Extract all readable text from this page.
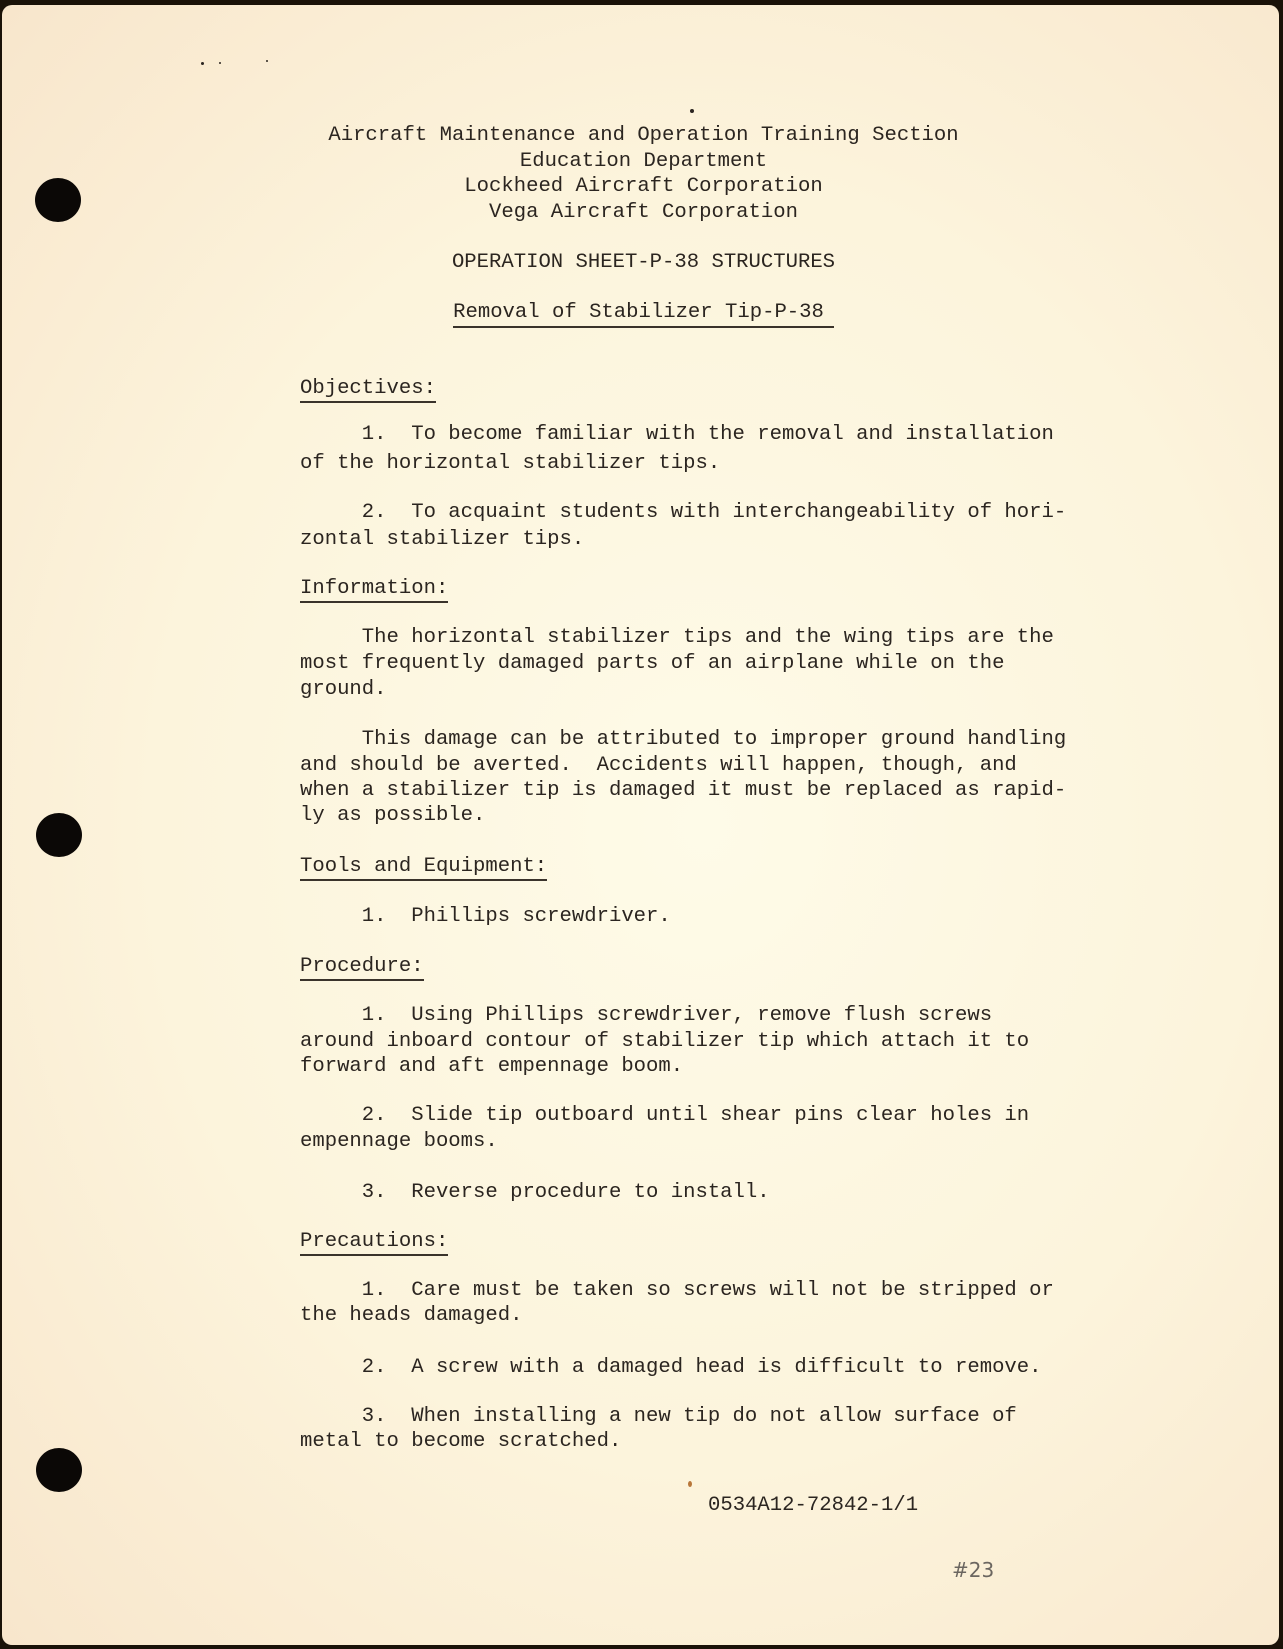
Aircraft Maintenance and Operation Training Section
Education Department
Lockheed Aircraft Corporation
Vega Aircraft Corporation
OPERATION SHEET-P-38 STRUCTURES
Removal of Stabilizer Tip-P-38
Objectives:
1.  To become familiar with the removal and installation
of the horizontal stabilizer tips.
2.  To acquaint students with interchangeability of hori-
zontal stabilizer tips.
Information:
The horizontal stabilizer tips and the wing tips are the
most frequently damaged parts of an airplane while on the
ground.
This damage can be attributed to improper ground handling
and should be averted.  Accidents will happen, though, and
when a stabilizer tip is damaged it must be replaced as rapid-
ly as possible.
Tools and Equipment:
1.  Phillips screwdriver.
Procedure:
1.  Using Phillips screwdriver, remove flush screws
around inboard contour of stabilizer tip which attach it to
forward and aft empennage boom.
2.  Slide tip outboard until shear pins clear holes in
empennage booms.
3.  Reverse procedure to install.
Precautions:
1.  Care must be taken so screws will not be stripped or
the heads damaged.
2.  A screw with a damaged head is difficult to remove.
3.  When installing a new tip do not allow surface of
metal to become scratched.
0534A12-72842-1/1
#23
